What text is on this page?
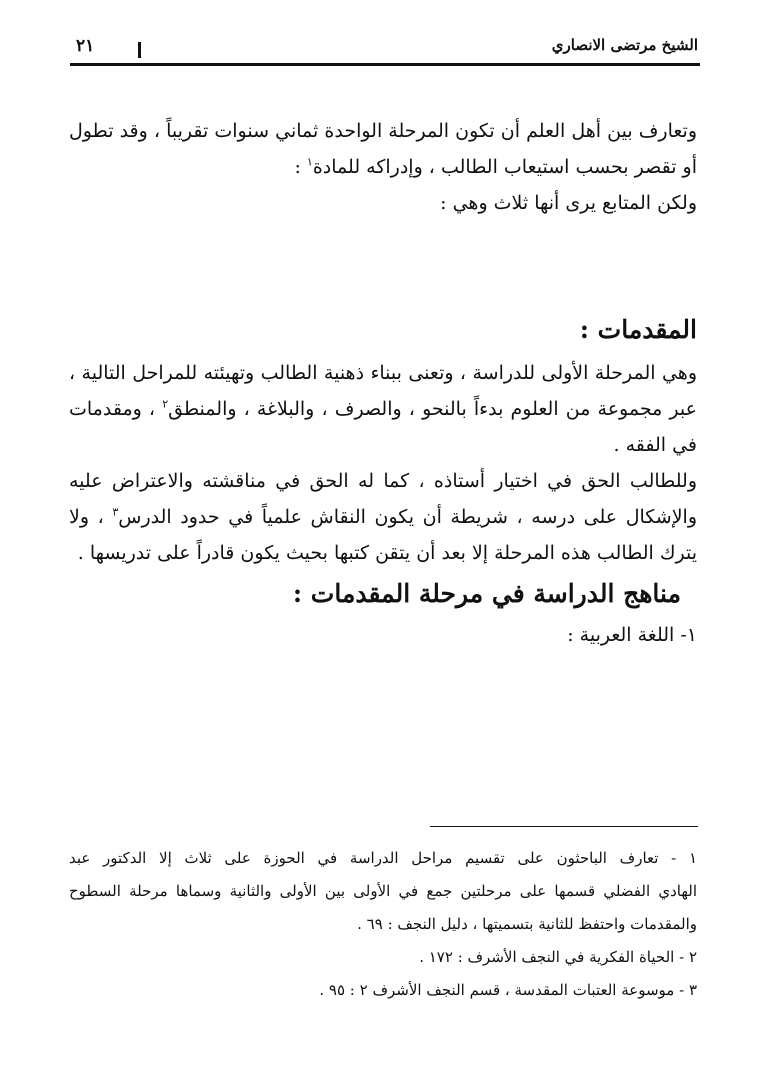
الشيخ مرتضى الانصاري
٢١
وتعارف بين أهل العلم أن تكون المرحلة الواحدة ثماني سنوات تقريباً ، وقد تطول
أو تقصر بحسب استيعاب الطالب ، وإدراكه للمادة$^١$ :
ولكن المتابع يرى أنها ثلاث وهي :
المقدمات :
وهي المرحلة الأولى للدراسة ، وتعنى ببناء ذهنية الطالب وتهيئته للمراحل التالية ،
عبر مجموعة من العلوم بدءاً بالنحو ، والصرف ، والبلاغة ، والمنطق$^٢$ ، ومقدمات
في الفقه .
وللطالب الحق في اختيار أستاذه ، كما له الحق في مناقشته والاعتراض عليه
والإشكال على درسه ، شريطة أن يكون النقاش علمياً في حدود الدرس$^٣$ ، ولا
يترك الطالب هذه المرحلة إلا بعد أن يتقن كتبها بحيث يكون قادراً على تدريسها .
مناهج الدراسة في مرحلة المقدمات :
١- اللغة العربية :
١ - تعارف الباحثون على تقسيم مراحل الدراسة في الحوزة على ثلاث إلا الدكتور عبد
الهادي الفضلي قسمها على مرحلتين جمع في الأولى بين الأولى والثانية وسماها مرحلة السطوح
والمقدمات واحتفظ للثانية بتسميتها ، دليل النجف : ٦٩ .
٢ - الحياة الفكرية في النجف الأشرف : ١٧٢ .
٣ - موسوعة العتبات المقدسة ، قسم النجف الأشرف ٢ : ٩٥ .
